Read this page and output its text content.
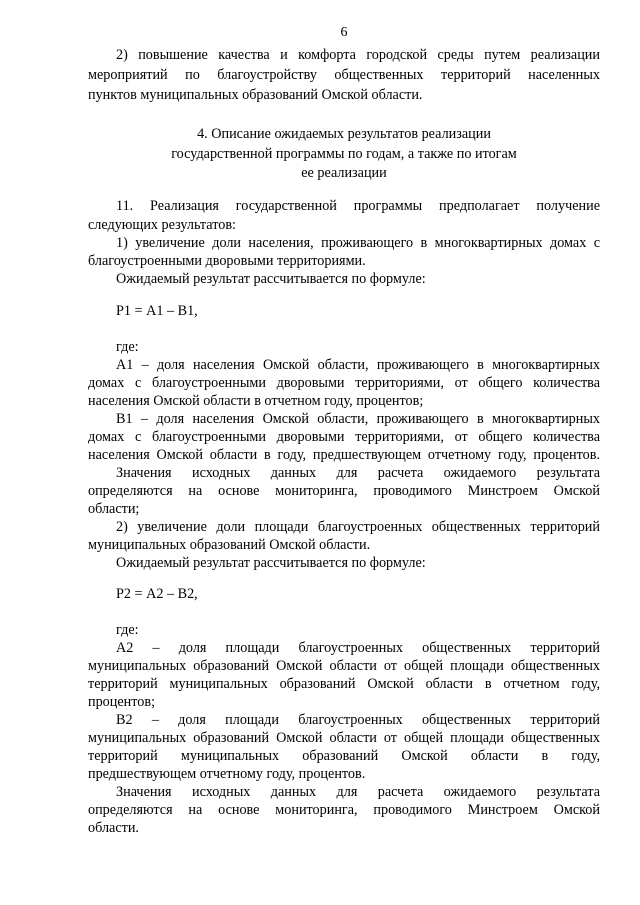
6
2) повышение качества и комфорта городской среды путем реализации
мероприятий по благоустройству общественных территорий населенных
пунктов муниципальных образований Омской области.
4. Описание ожидаемых результатов реализации
государственной программы по годам, а также по итогам
ее реализации
11. Реализация государственной программы предполагает получение
следующих результатов:
1) увеличение доли населения, проживающего в многоквартирных домах с
благоустроенными дворовыми территориями.
Ожидаемый результат рассчитывается по формуле:
Р1 = А1 – В1,
где:
А1 – доля населения Омской области, проживающего в многоквартирных
домах с благоустроенными дворовыми территориями, от общего количества
населения Омской области в отчетном году, процентов;
В1 – доля населения Омской области, проживающего в многоквартирных
домах с благоустроенными дворовыми территориями, от общего количества
населения Омской области в году, предшествующем отчетному году, процентов.
Значения исходных данных для расчета ожидаемого результата
определяются на основе мониторинга, проводимого Минстроем Омской
области;
2) увеличение доли площади благоустроенных общественных территорий
муниципальных образований Омской области.
Ожидаемый результат рассчитывается по формуле:
Р2 = А2 – В2,
где:
А2 – доля площади благоустроенных общественных территорий
муниципальных образований Омской области от общей площади общественных
территорий муниципальных образований Омской области в отчетном году,
процентов;
В2 – доля площади благоустроенных общественных территорий
муниципальных образований Омской области от общей площади общественных
территорий муниципальных образований Омской области в году,
предшествующем отчетному году, процентов.
Значения исходных данных для расчета ожидаемого результата
определяются на основе мониторинга, проводимого Минстроем Омской
области.
